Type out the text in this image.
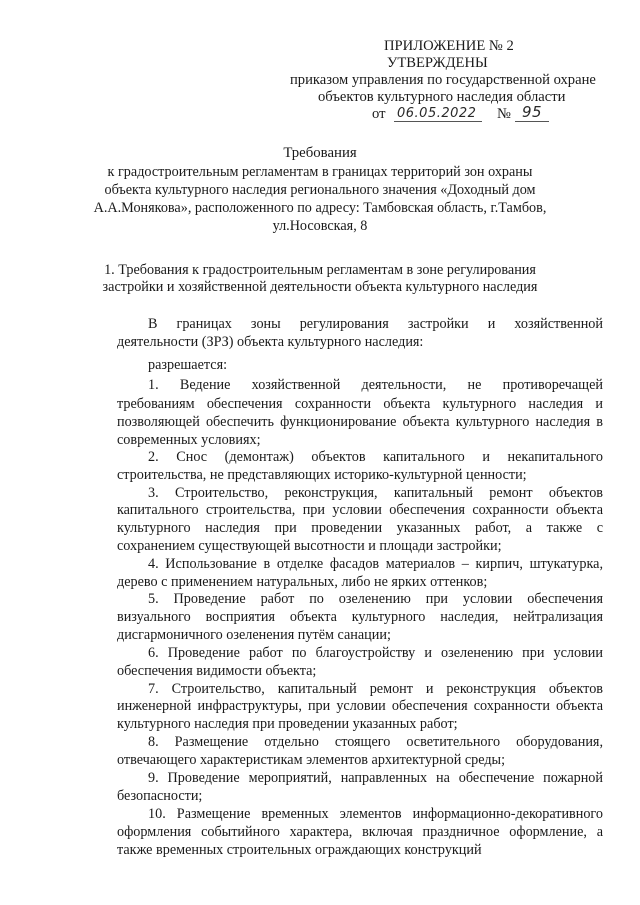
ПРИЛОЖЕНИЕ № 2
УТВЕРЖДЕНЫ
приказом управления по государственной охране
объектов культурного наследия области
от 06.05.2022 № 95
Требования
к градостроительным регламентам в границах территорий зон охраны
объекта культурного наследия регионального значения «Доходный дом
А.А.Монякова», расположенного по адресу: Тамбовская область, г.Тамбов,
ул.Носовская, 8
1. Требования к градостроительным регламентам в зоне регулирования
застройки и хозяйственной деятельности объекта культурного наследия
В границах зоны регулирования застройки и хозяйственной
деятельности (ЗРЗ) объекта культурного наследия:
разрешается:
1. Ведение хозяйственной деятельности, не противоречащей
требованиям обеспечения сохранности объекта культурного наследия и
позволяющей обеспечить функционирование объекта культурного наследия в
современных условиях;
2. Снос (демонтаж) объектов капитального и некапитального
строительства, не представляющих историко-культурной ценности;
3. Строительство, реконструкция, капитальный ремонт объектов
капитального строительства, при условии обеспечения сохранности объекта
культурного наследия при проведении указанных работ, а также с
сохранением существующей высотности и площади застройки;
4. Использование в отделке фасадов материалов – кирпич, штукатурка,
дерево с применением натуральных, либо не ярких оттенков;
5. Проведение работ по озеленению при условии обеспечения
визуального восприятия объекта культурного наследия, нейтрализация
дисгармоничного озеленения путём санации;
6. Проведение работ по благоустройству и озеленению при условии
обеспечения видимости объекта;
7. Строительство, капитальный ремонт и реконструкция объектов
инженерной инфраструктуры, при условии обеспечения сохранности объекта
культурного наследия при проведении указанных работ;
8. Размещение отдельно стоящего осветительного оборудования,
отвечающего характеристикам элементов архитектурной среды;
9. Проведение мероприятий, направленных на обеспечение пожарной
безопасности;
10. Размещение временных элементов информационно-декоративного
оформления событийного характера, включая праздничное оформление, а
также временных строительных ограждающих конструкций
